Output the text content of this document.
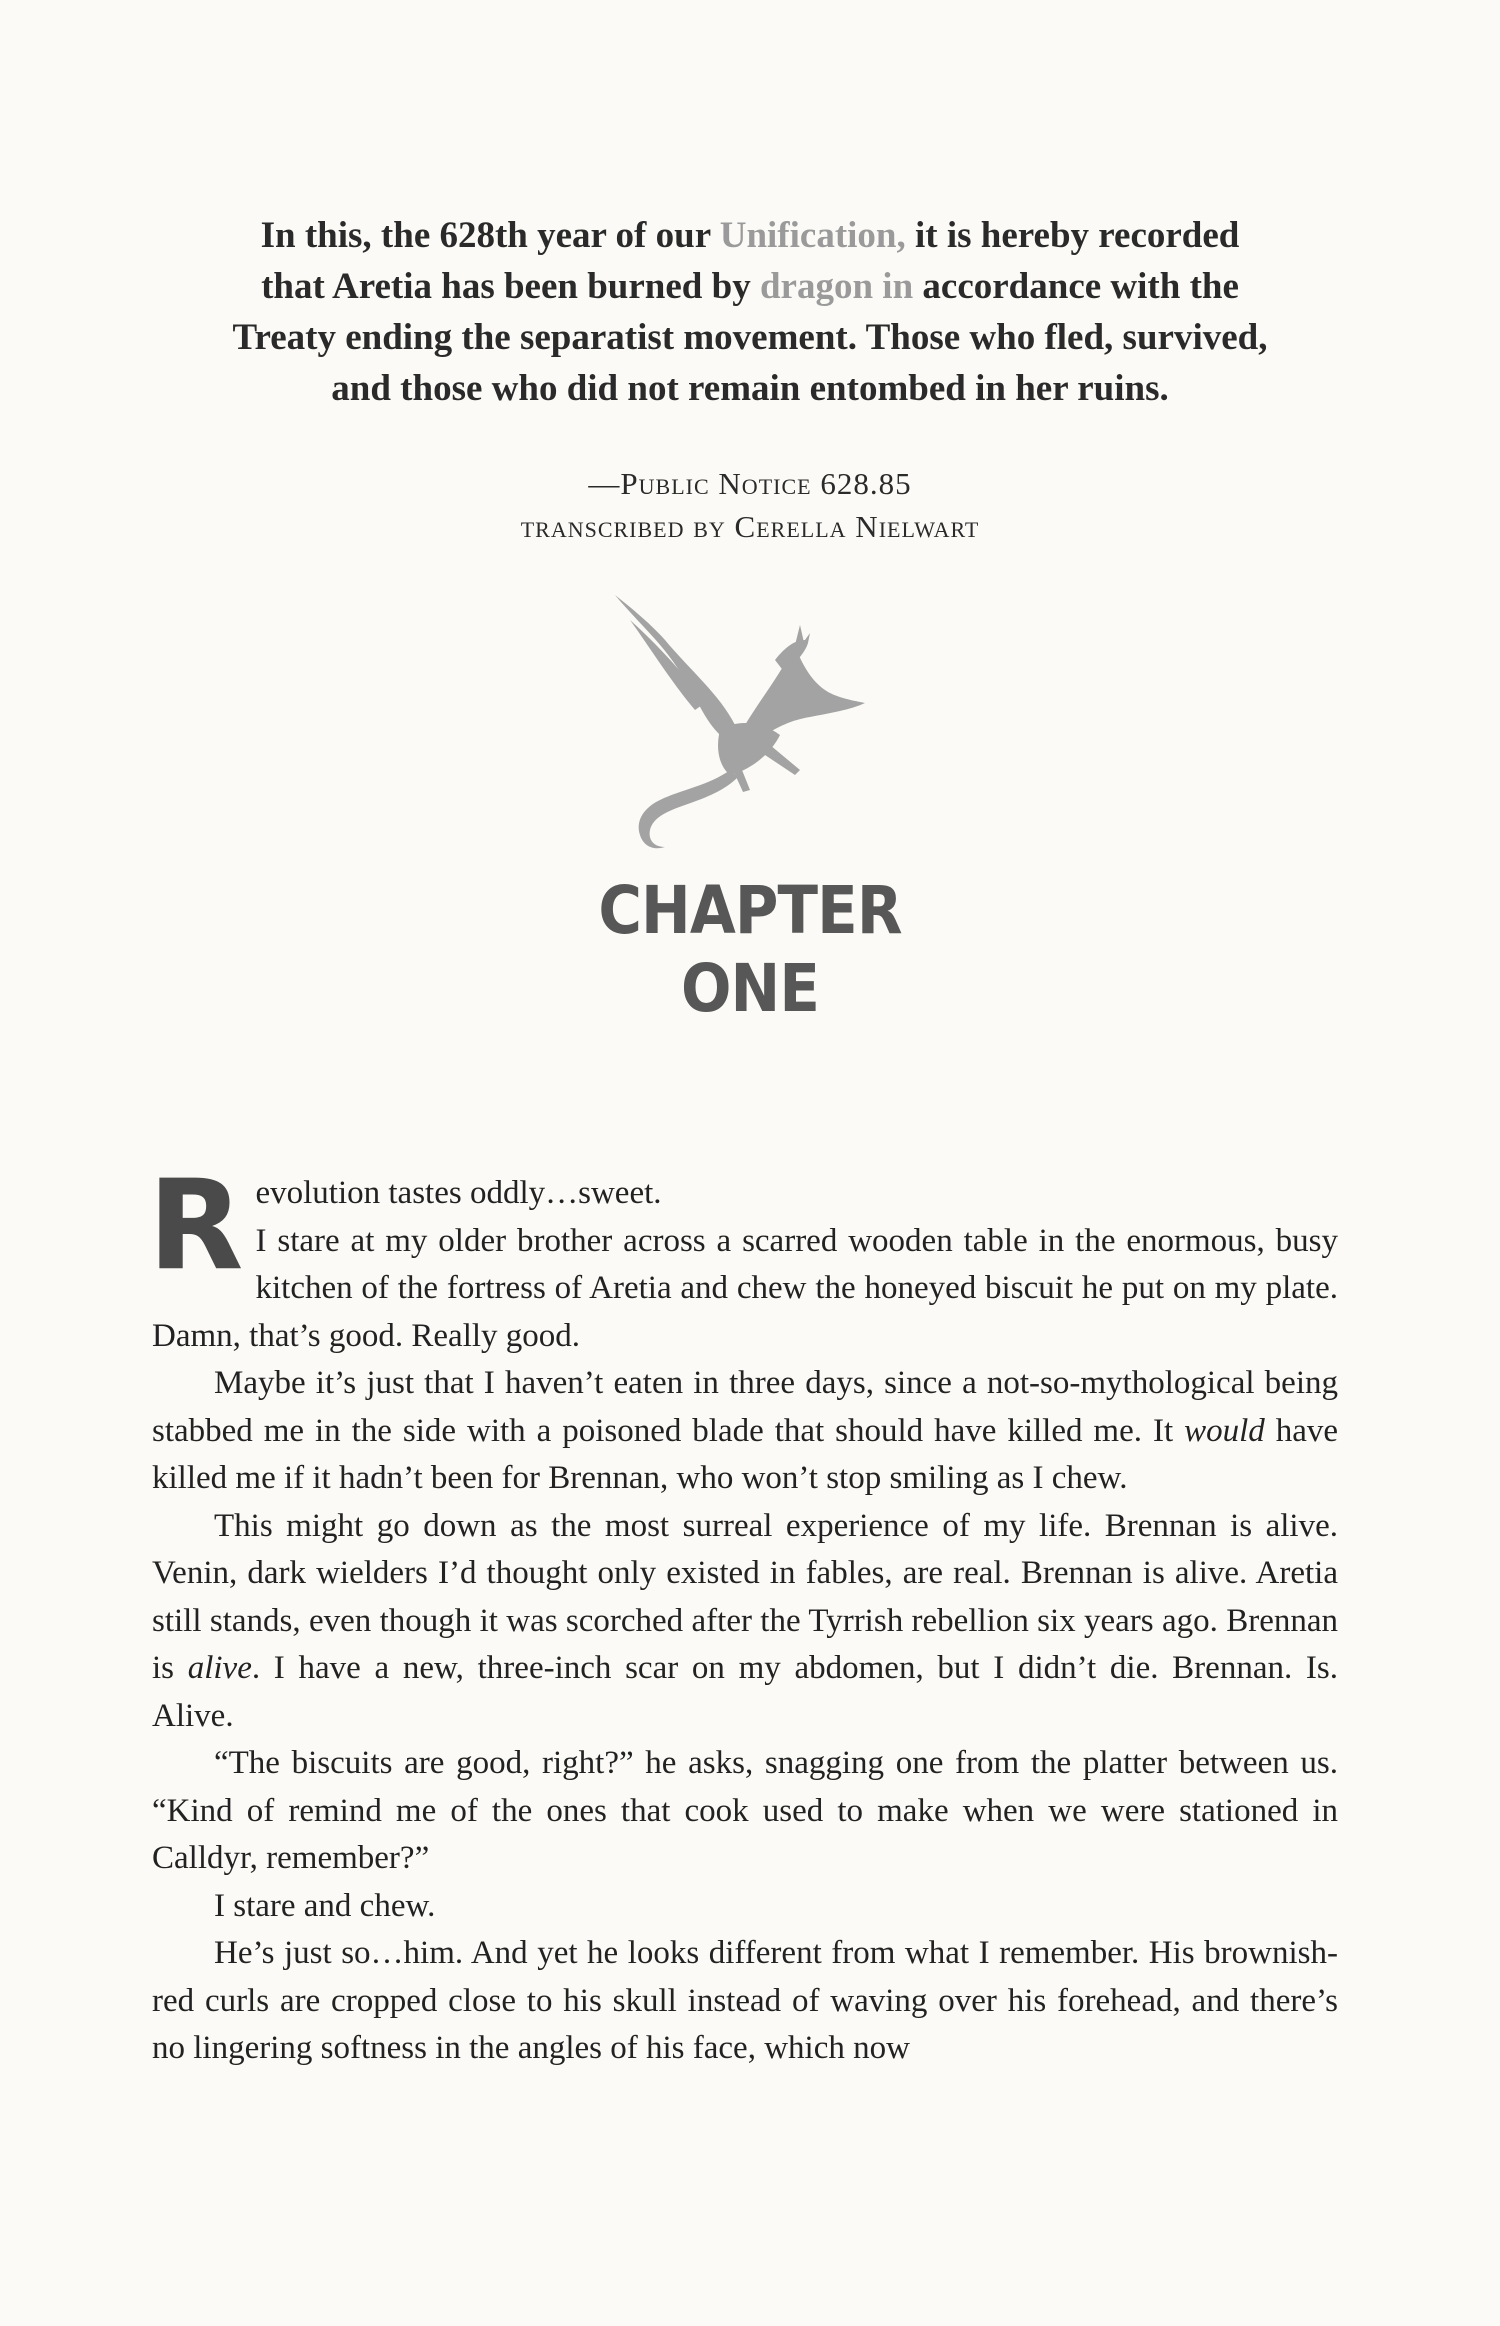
In this, the 628th year of our Unification, it is hereby recorded
that Aretia has been burned by dragon in accordance with the
Treaty ending the separatist movement. Those who fled, survived,
and those who did not remain entombed in her ruins.
—Public Notice 628.85
transcribed by Cerella Nielwart
CHAPTER
ONE
R evolution tastes oddly…sweet.

I stare at my older brother across a scarred wooden table in the enormous, busy kitchen of the fortress of Aretia and chew the honeyed biscuit he put on my plate. Damn, that’s good. Really good.

Maybe it’s just that I haven’t eaten in three days, since a not-so-mythological being stabbed me in the side with a poisoned blade that should have killed me. It would have killed me if it hadn’t been for Brennan, who won’t stop smiling as I chew.

This might go down as the most surreal experience of my life. Brennan is alive. Venin, dark wielders I’d thought only existed in fables, are real. Brennan is alive. Aretia still stands, even though it was scorched after the Tyrrish rebellion six years ago. Brennan is alive. I have a new, three-inch scar on my abdomen, but I didn’t die. Brennan. Is. Alive.

“The biscuits are good, right?” he asks, snagging one from the platter between us. “Kind of remind me of the ones that cook used to make when we were stationed in Calldyr, remember?”

I stare and chew.

He’s just so…him. And yet he looks different from what I remember. His brownish-red curls are cropped close to his skull instead of waving over his forehead, and there’s no lingering softness in the angles of his face, which now
